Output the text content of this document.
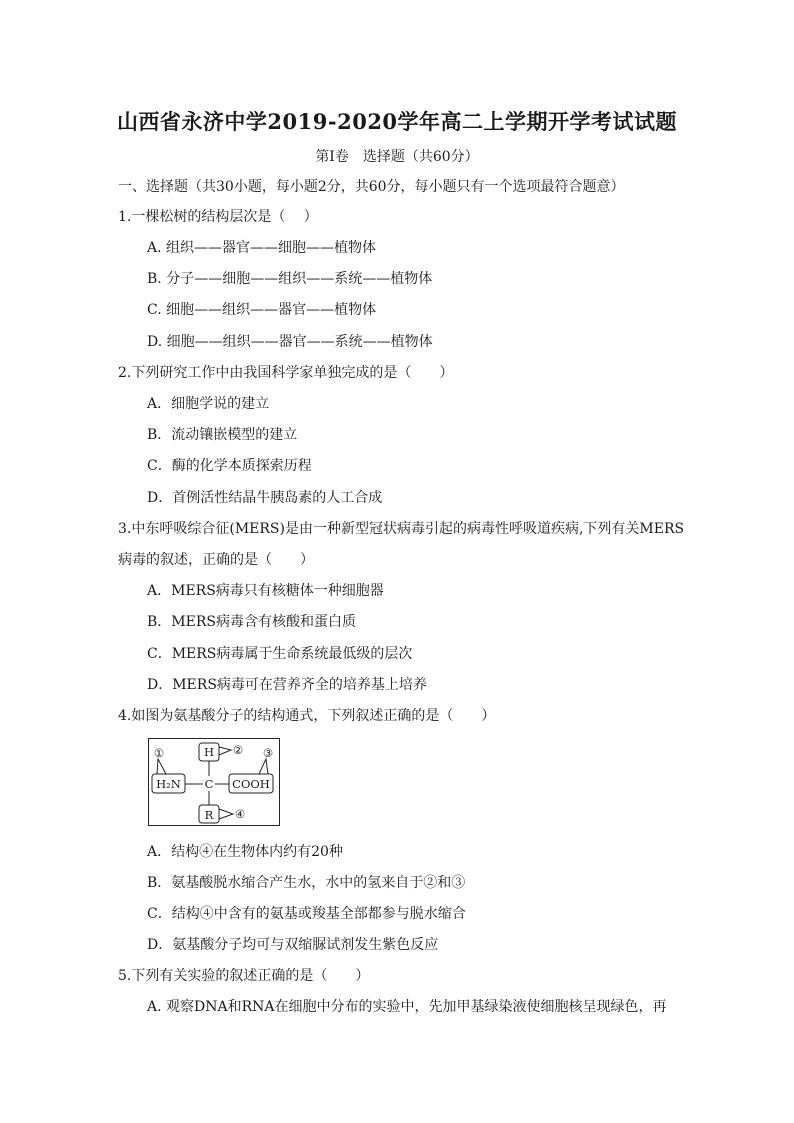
山西省永济中学2019-2020学年高二上学期开学考试试题
第Ⅰ卷　选择题（共60分）
一、选择题（共30小题，每小题2分，共60分，每小题只有一个选项最符合题意）
1.一棵松树的结构层次是（　 ）
A. 组织——器官——细胞——植物体
B. 分子——细胞——组织——系统——植物体
C. 细胞——组织——器官——植物体
D. 细胞——组织——器官——系统——植物体
2.下列研究工作中由我国科学家单独完成的是（　　）
A．细胞学说的建立
B．流动镶嵌模型的建立
C．酶的化学本质探索历程
D．首例活性结晶牛胰岛素的人工合成
3.中东呼吸综合征(MERS)是由一种新型冠状病毒引起的病毒性呼吸道疾病,下列有关MERS
病毒的叙述，正确的是（　　）
A．MERS病毒只有核糖体一种细胞器
B．MERS病毒含有核酸和蛋白质
C．MERS病毒属于生命系统最低级的层次
D．MERS病毒可在营养齐全的培养基上培养
4.如图为氨基酸分子的结构通式，下列叙述正确的是（　　）
H
H₂N C COOH
R
①	② ③
④
A．结构④在生物体内约有20种
B．氨基酸脱水缩合产生水，水中的氢来自于②和③
C．结构④中含有的氨基或羧基全部都参与脱水缩合
D．氨基酸分子均可与双缩脲试剂发生紫色反应
5.下列有关实验的叙述正确的是（　　）
A. 观察DNA和RNA在细胞中分布的实验中，先加甲基绿染液使细胞核呈现绿色，再
